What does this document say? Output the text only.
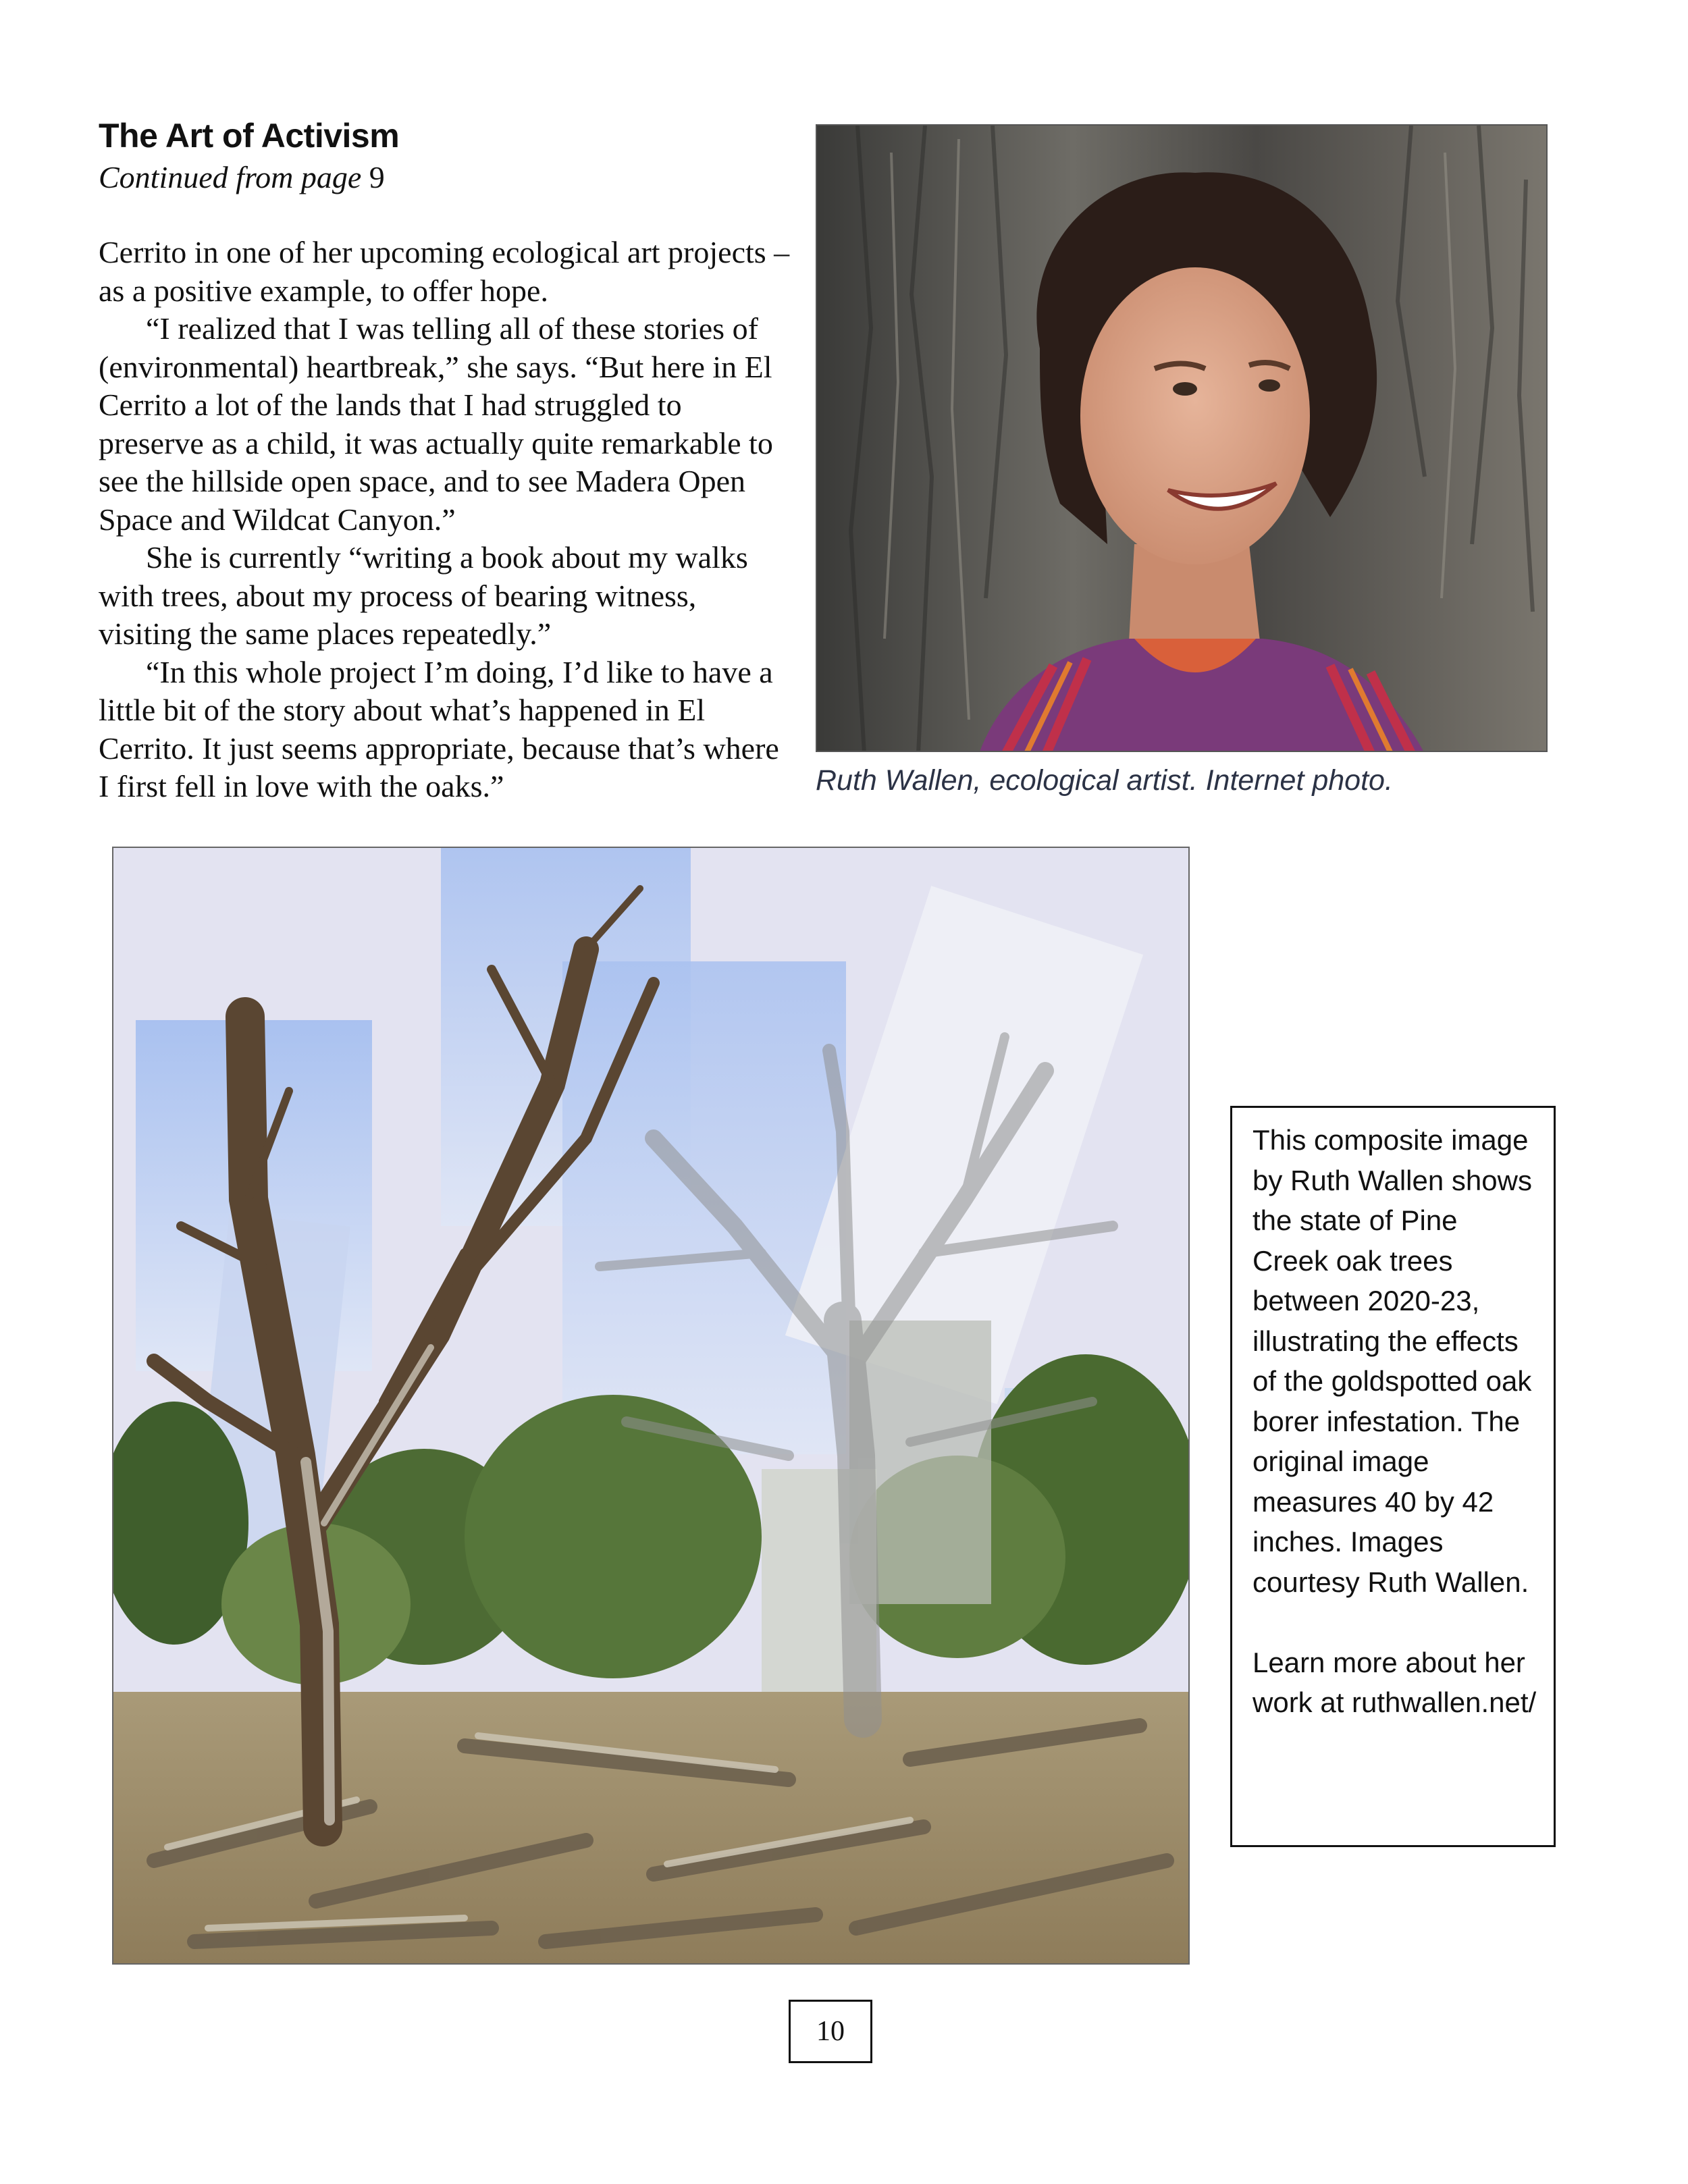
The Art of Activism
Continued from page 9

Cerrito in one of her upcoming ecological art projects – as a positive example, to offer hope.

“I realized that I was telling all of these stories of (environmental) heartbreak,” she says. “But here in El Cerrito a lot of the lands that I had struggled to preserve as a child, it was actually quite remarkable to see the hillside open space, and to see Madera Open Space and Wildcat Canyon.”

She is currently “writing a book about my walks with trees, about my process of bearing witness, visiting the same places repeatedly.”

“In this whole project I’m doing, I’d like to have a little bit of the story about what’s happened in El Cerrito. It just seems appropriate, because that’s where I first fell in love with the oaks.”	Ruth Wallen, ecological artist. Internet photo.

This composite image by Ruth Wallen shows the state of Pine Creek oak trees between 2020-23, illustrating the effects of the goldspotted oak borer infestation. The original image measures 40 by 42 inches. Images courtesy Ruth Wallen.

Learn more about her work at ruthwallen.net/

10
